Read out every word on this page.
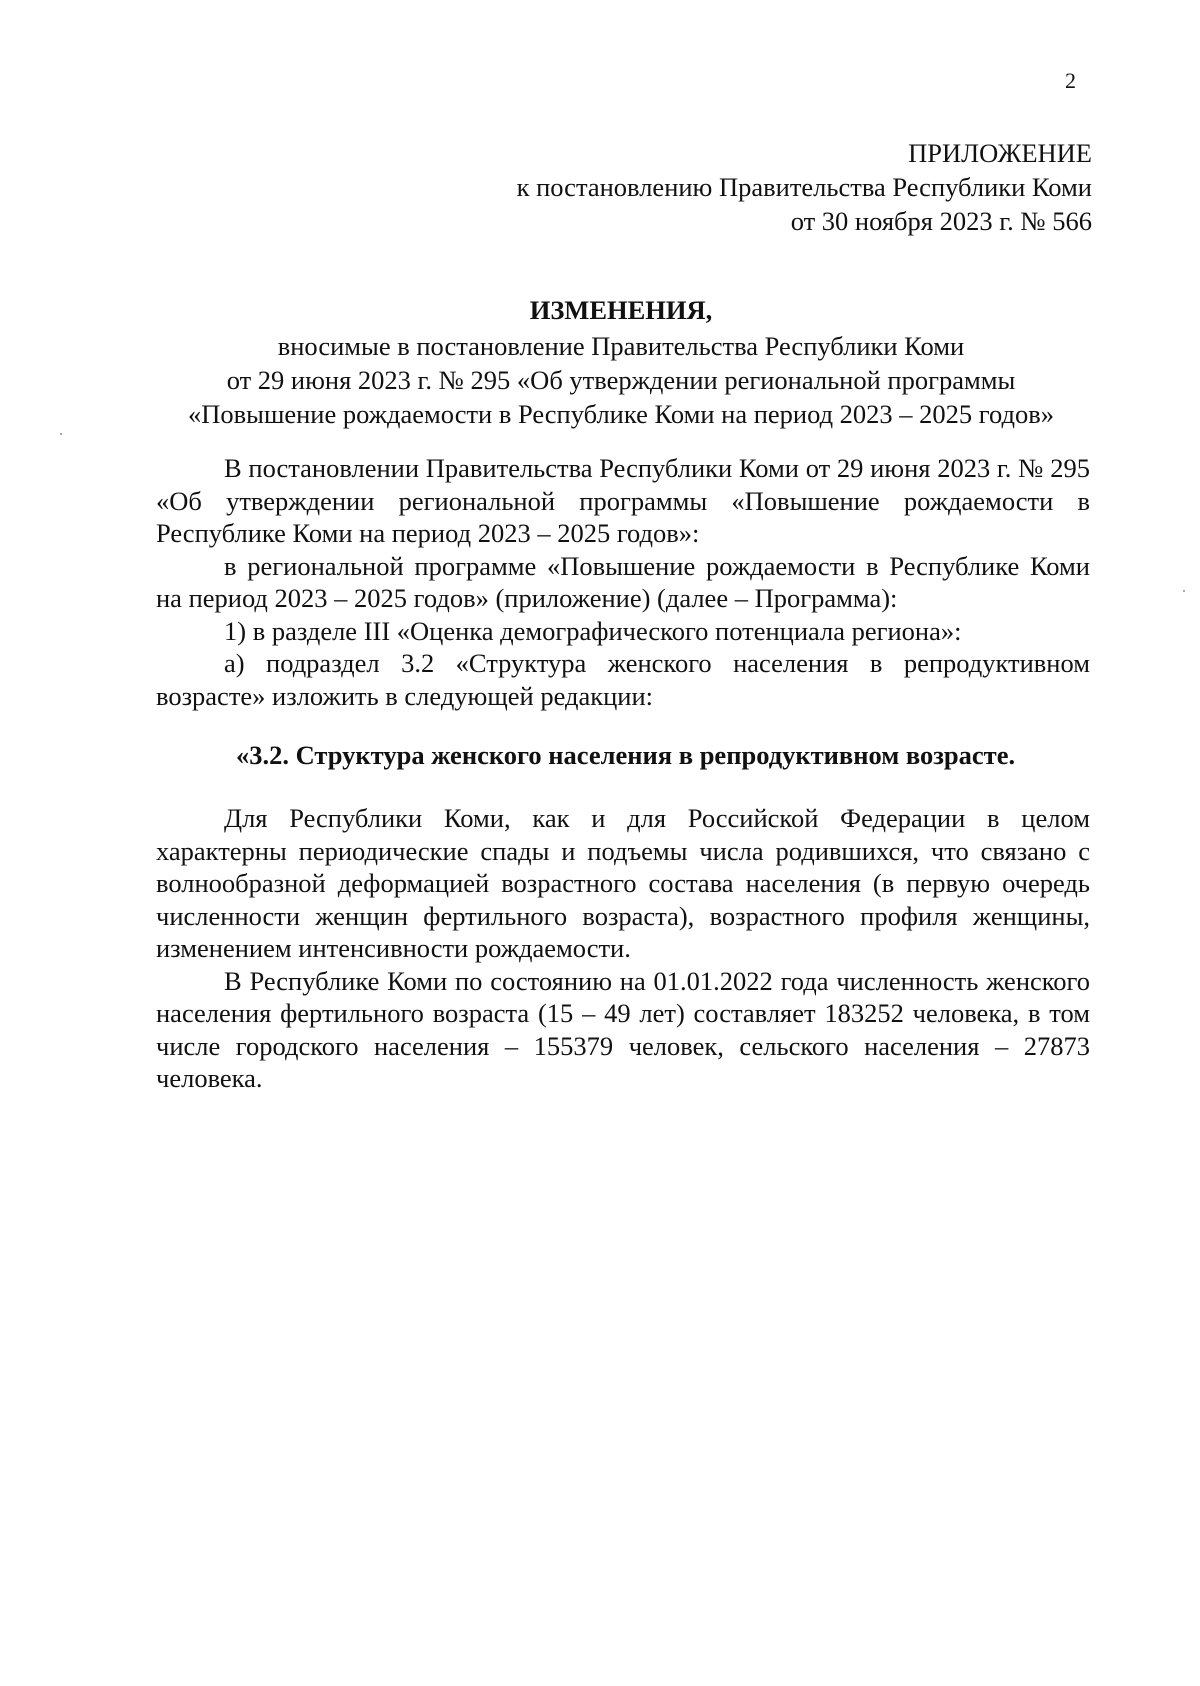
2
ПРИЛОЖЕНИЕ
к постановлению Правительства Республики Коми
от 30 ноября 2023 г. № 566
ИЗМЕНЕНИЯ,
вносимые в постановление Правительства Республики Коми
от 29 июня 2023 г. № 295 «Об утверждении региональной программы
«Повышение рождаемости в Республике Коми на период 2023 – 2025 годов»

В постановлении Правительства Республики Коми от 29 июня 2023 г. № 295 «Об утверждении региональной программы «Повышение рождаемости в Республике Коми на период 2023 – 2025 годов»:

в региональной программе «Повышение рождаемости в Республике Коми на период 2023 – 2025 годов» (приложение) (далее – Программа):

1) в разделе III «Оценка демографического потенциала региона»:

а) подраздел 3.2 «Структура женского населения в репродуктивном возрасте» изложить в следующей редакции:

«3.2. Структура женского населения в репродуктивном возрасте.

Для Республики Коми, как и для Российской Федерации в целом характерны периодические спады и подъемы числа родившихся, что связано с волнообразной деформацией возрастного состава населения (в первую очередь численности женщин фертильного возраста), возрастного профиля женщины, изменением интенсивности рождаемости.

В Республике Коми по состоянию на 01.01.2022 года численность женского населения фертильного возраста (15 – 49 лет) составляет 183252 человека, в том числе городского населения – 155379 человек, сельского населения – 27873 человека.
